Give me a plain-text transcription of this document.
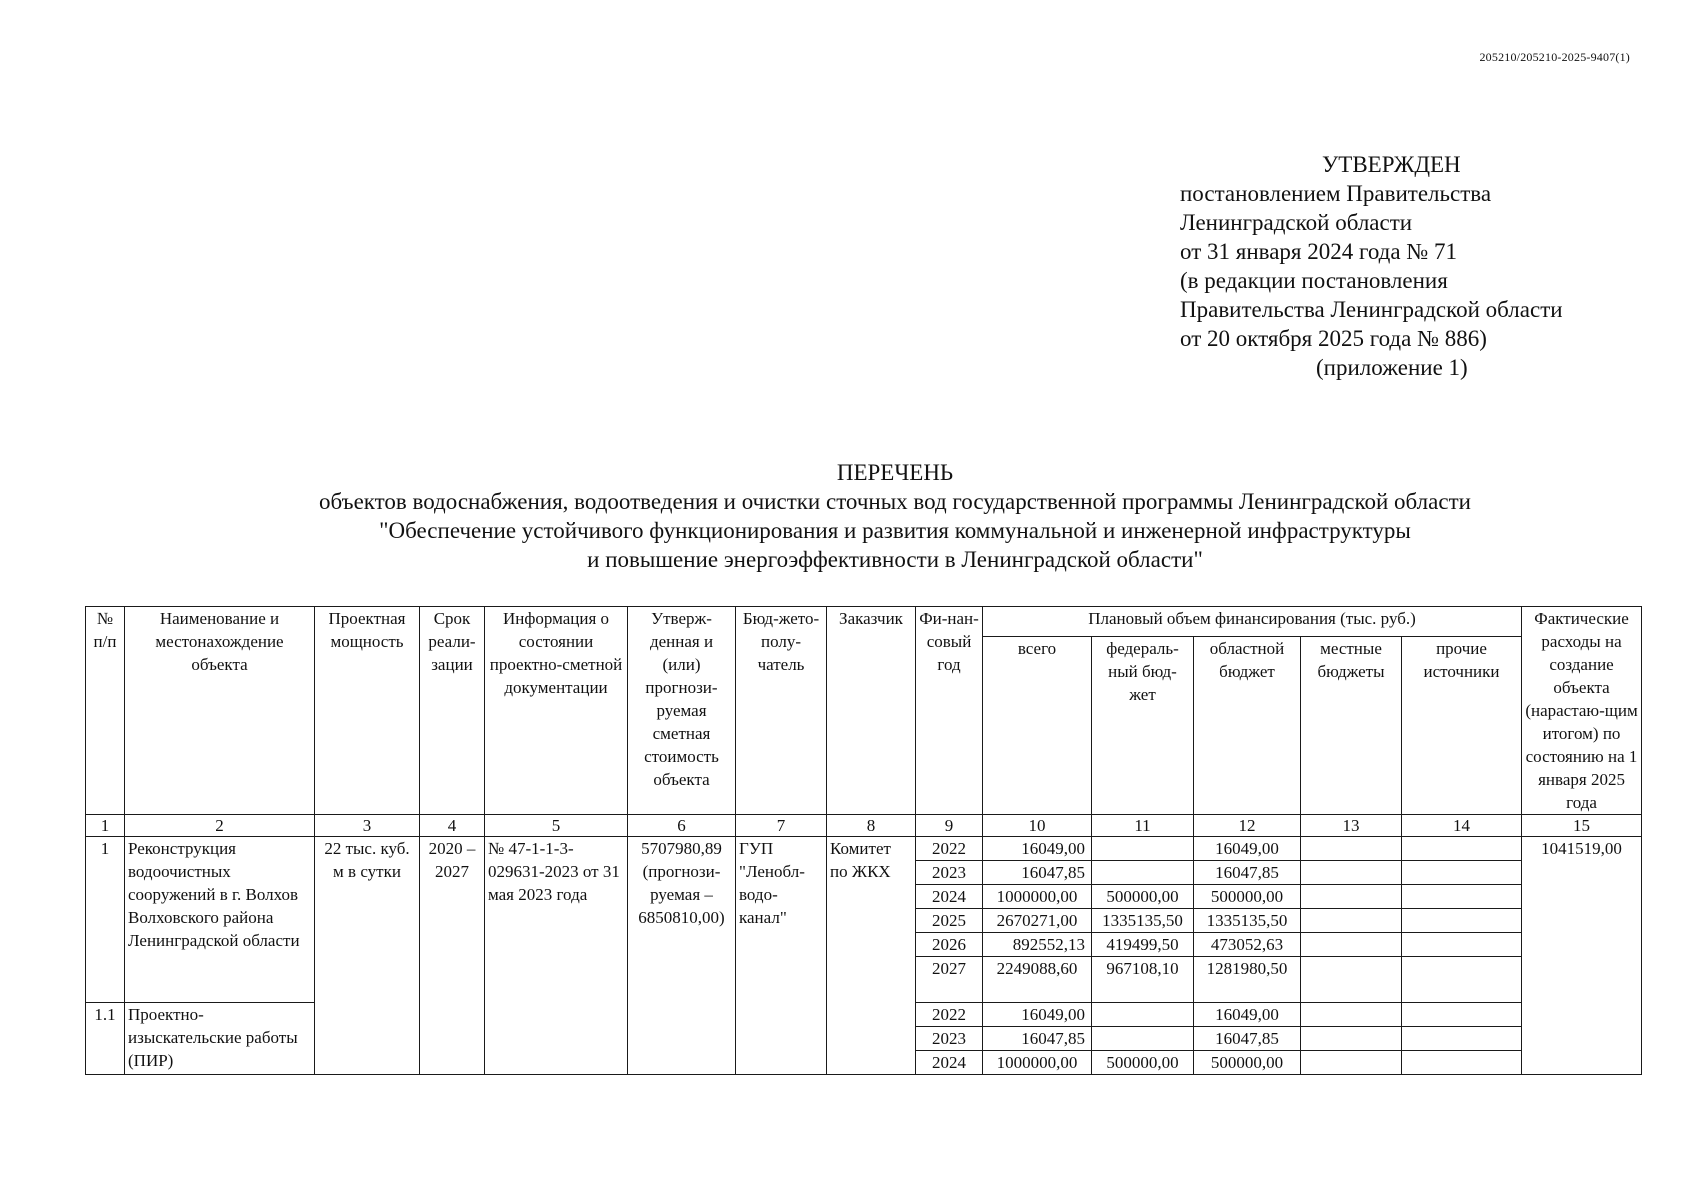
205210/205210-2025-9407(1)
УТВЕРЖДЕН
постановлением Правительства
Ленинградской области
от 31 января 2024 года № 71
(в редакции постановления
Правительства Ленинградской области
от 20 октября 2025 года № 886)
(приложение 1)
ПЕРЕЧЕНЬ
объектов водоснабжения, водоотведения и очистки сточных вод государственной программы Ленинградской области
"Обеспечение устойчивого функционирования и развития коммунальной и инженерной инфраструктуры
и повышение энергоэффективности в Ленинградской области"
№ п/п	Наименование и местонахождение объекта	Проектная мощность	Срок реали-зации	Информация о состоянии проектно-сметной документации	Утверж-денная и (или) прогнози-руемая сметная стоимость объекта	Бюд-жето-полу-чатель	Заказчик	Фи-нан-совый год	Плановый объем финансирования (тыс. руб.)					Фактические расходы на создание объекта (нарастаю-щим итогом) по состоянию на 1 января 2025 года
									всего	федераль-ный бюд-жет	областной бюджет	местные бюджеты	прочие источники	
1	2	3	4	5	6	7	8	9	10	11	12	13	14	15
1	Реконструкция водоочистных сооружений в г. Волхов Волховского района Ленинградской области	22 тыс. куб. м в сутки	2020 – 2027	№ 47-1-1-3-029631-2023 от 31 мая 2023 года	5707980,89 (прогнози-руемая – 6850810,00)	ГУП "Ленобл-водо-канал"	Комитет по ЖКХ	2022	16049,00		16049,00			1041519,00
								2023	16047,85		16047,85			
								2024	1000000,00	500000,00	500000,00			
								2025	2670271,00	1335135,50	1335135,50			
								2026	892552,13	419499,50	473052,63			
								2027	2249088,60	967108,10	1281980,50			
1.1	Проектно-изыскательские работы (ПИР)							2022	16049,00		16049,00			
								2023	16047,85		16047,85			
								2024	1000000,00	500000,00	500000,00			
